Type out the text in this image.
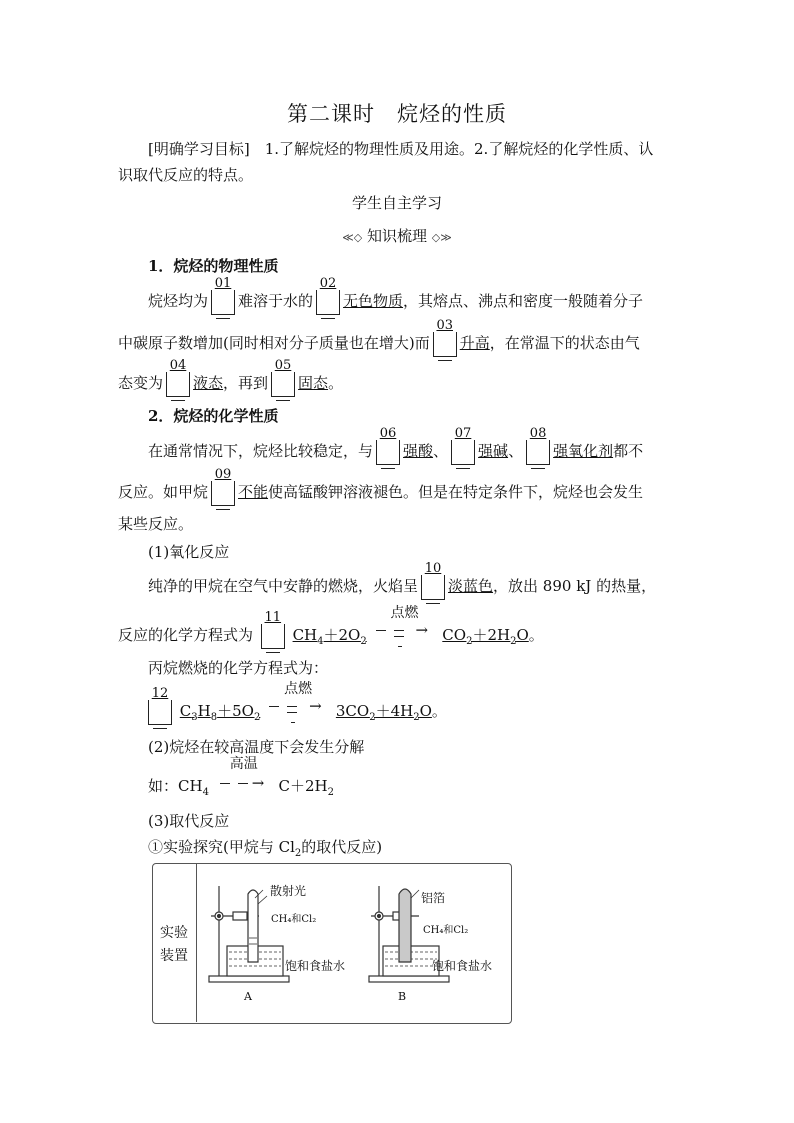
第二课时　烷烃的性质
[明确学习目标]　1.了解烷烃的物理性质及用途。2.了解烷烃的化学性质、认
识取代反应的特点。
学生自主学习
≪◇ 知识梳理 ◇≫
1．烷烃的物理性质
烷烃均为
01
难溶于水的
02
无色物质，其熔点、沸点和密度一般随着分子
中碳原子数增加(同时相对分子质量也在增大)而
03
升高，在常温下的状态由气
态变为
04
液态，再到
05
固态。
2．烷烃的化学性质
在通常情况下，烷烃比较稳定，与
06
强酸、
07
强碱、
08
强氧化剂都不
反应。如甲烷
09
不能使高锰酸钾溶液褪色。但是在特定条件下，烷烃也会发生
某些反应。
(1)氧化反应
纯净的甲烷在空气中安静的燃烧，火焰呈
10
淡蓝色，放出 890 kJ 的热量，
反应的化学方程式为
11
$CH_4+2O_2$
点燃
→ $CO_2+2H_2O$。
丙烷燃烧的化学方程式为：
12
$C_3H_8+5O_2$
点燃
→ $3CO_2+4H_2O$。
(2)烷烃在较高温度下会发生分解
如：$CH_4$
高温
→ $C+2H_2$
(3)取代反应
①实验探究(甲烷与 $Cl_2$的取代反应)
实验
装置
散射光
CH₄和Cl₂
饱和食盐水
A
铝箔
CH₄和Cl₂
饱和食盐水
B
